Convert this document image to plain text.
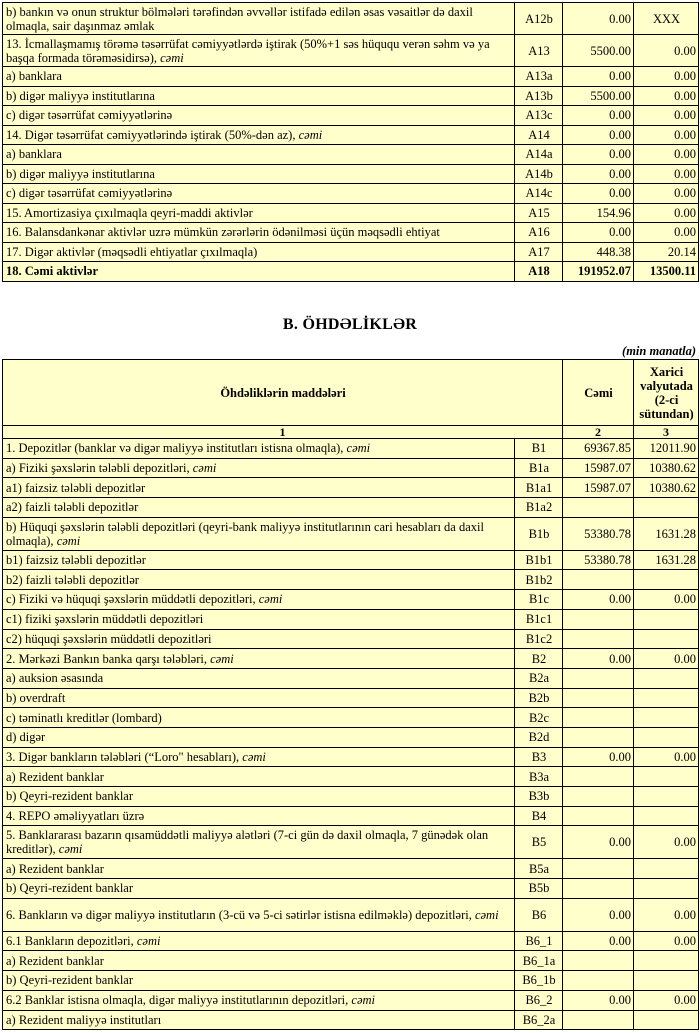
b) bankın və onun struktur bölmələri tərəfindən əvvəllər istifadə edilən əsas vəsaitlər də daxil olmaqla, sair daşınmaz əmlak	A12b	0.00	XXX
13. İcmallaşmamış törəmə təsərrüfat cəmiyyətlərdə iştirak (50%+1 səs hüququ verən səhm və ya başqa formada törəməsidirsə), cəmi	A13	5500.00	0.00
a) banklara	A13a	0.00	0.00
b) digər maliyyə institutlarına	A13b	5500.00	0.00
c) digər təsərrüfat cəmiyyətlərinə	A13c	0.00	0.00
14. Digər təsərrüfat cəmiyyətlərində iştirak (50%-dən az), cəmi	A14	0.00	0.00
a) banklara	A14a	0.00	0.00
b) digər maliyyə institutlarına	A14b	0.00	0.00
c) digər təsərrüfat cəmiyyətlərinə	A14c	0.00	0.00
15. Amortizasiya çıxılmaqla qeyri-maddi aktivlər	A15	154.96	0.00
16. Balansdankənar aktivlər uzrə mümkün zərərlərin ödənilməsi üçün məqsədli ehtiyat	A16	0.00	0.00
17. Digər aktivlər (məqsədli ehtiyatlar çıxılmaqla)	A17	448.38	20.14
18. Cəmi aktivlər	A18	191952.07	13500.11
B. ÖHDƏLİKLƏR
(min manatla)
Öhdəliklərin maddələri		Cəmi	Xarici valyutada (2-ci sütundan)
1		2	3
1. Depozitlər (banklar və digər maliyyə institutları istisna olmaqla), cəmi	B1	69367.85	12011.90
a) Fiziki şəxslərin tələbli depozitləri, cəmi	B1a	15987.07	10380.62
a1) faizsiz tələbli depozitlər	B1a1	15987.07	10380.62
a2) faizli tələbli depozitlər	B1a2		
b) Hüquqi şəxslərin tələbli depozitləri (qeyri-bank maliyyə institutlarının cari hesabları da daxil olmaqla), cəmi	B1b	53380.78	1631.28
b1) faizsiz tələbli depozitlər	B1b1	53380.78	1631.28
b2) faizli tələbli depozitlər	B1b2		
c) Fiziki və hüquqi şəxslərin müddətli depozitləri, cəmi	B1c	0.00	0.00
c1) fiziki şəxslərin müddətli depozitləri	B1c1		
c2) hüquqi şəxslərin müddətli depozitləri	B1c2		
2. Mərkəzi Bankın banka qarşı tələbləri, cəmi	B2	0.00	0.00
a) auksion əsasında	B2a		
b) overdraft	B2b		
c) təminatlı kreditlər (lombard)	B2c		
d) digər	B2d		
3. Digər bankların tələbləri (“Loro" hesabları), cəmi	B3	0.00	0.00
a) Rezident banklar	B3a		
b) Qeyri-rezident banklar	B3b		
4. REPO əməliyyatları üzrə	B4		
5. Banklararası bazarın qısamüddətli maliyyə alətləri (7-ci gün də daxil olmaqla, 7 günədək olan kreditlər), cəmi	B5	0.00	0.00
a) Rezident banklar	B5a		
b) Qeyri-rezident banklar	B5b		
6. Bankların və digər maliyyə institutların (3-cü və 5-ci sətirlər istisna edilməklə) depozitləri, cəmi	B6	0.00	0.00
6.1 Bankların depozitləri, cəmi	B6_1	0.00	0.00
a) Rezident banklar	B6_1a		
b) Qeyri-rezident banklar	B6_1b		
6.2 Banklar istisna olmaqla, digər maliyyə institutlarının depozitləri, cəmi	B6_2	0.00	0.00
a) Rezident maliyyə institutları	B6_2a		
